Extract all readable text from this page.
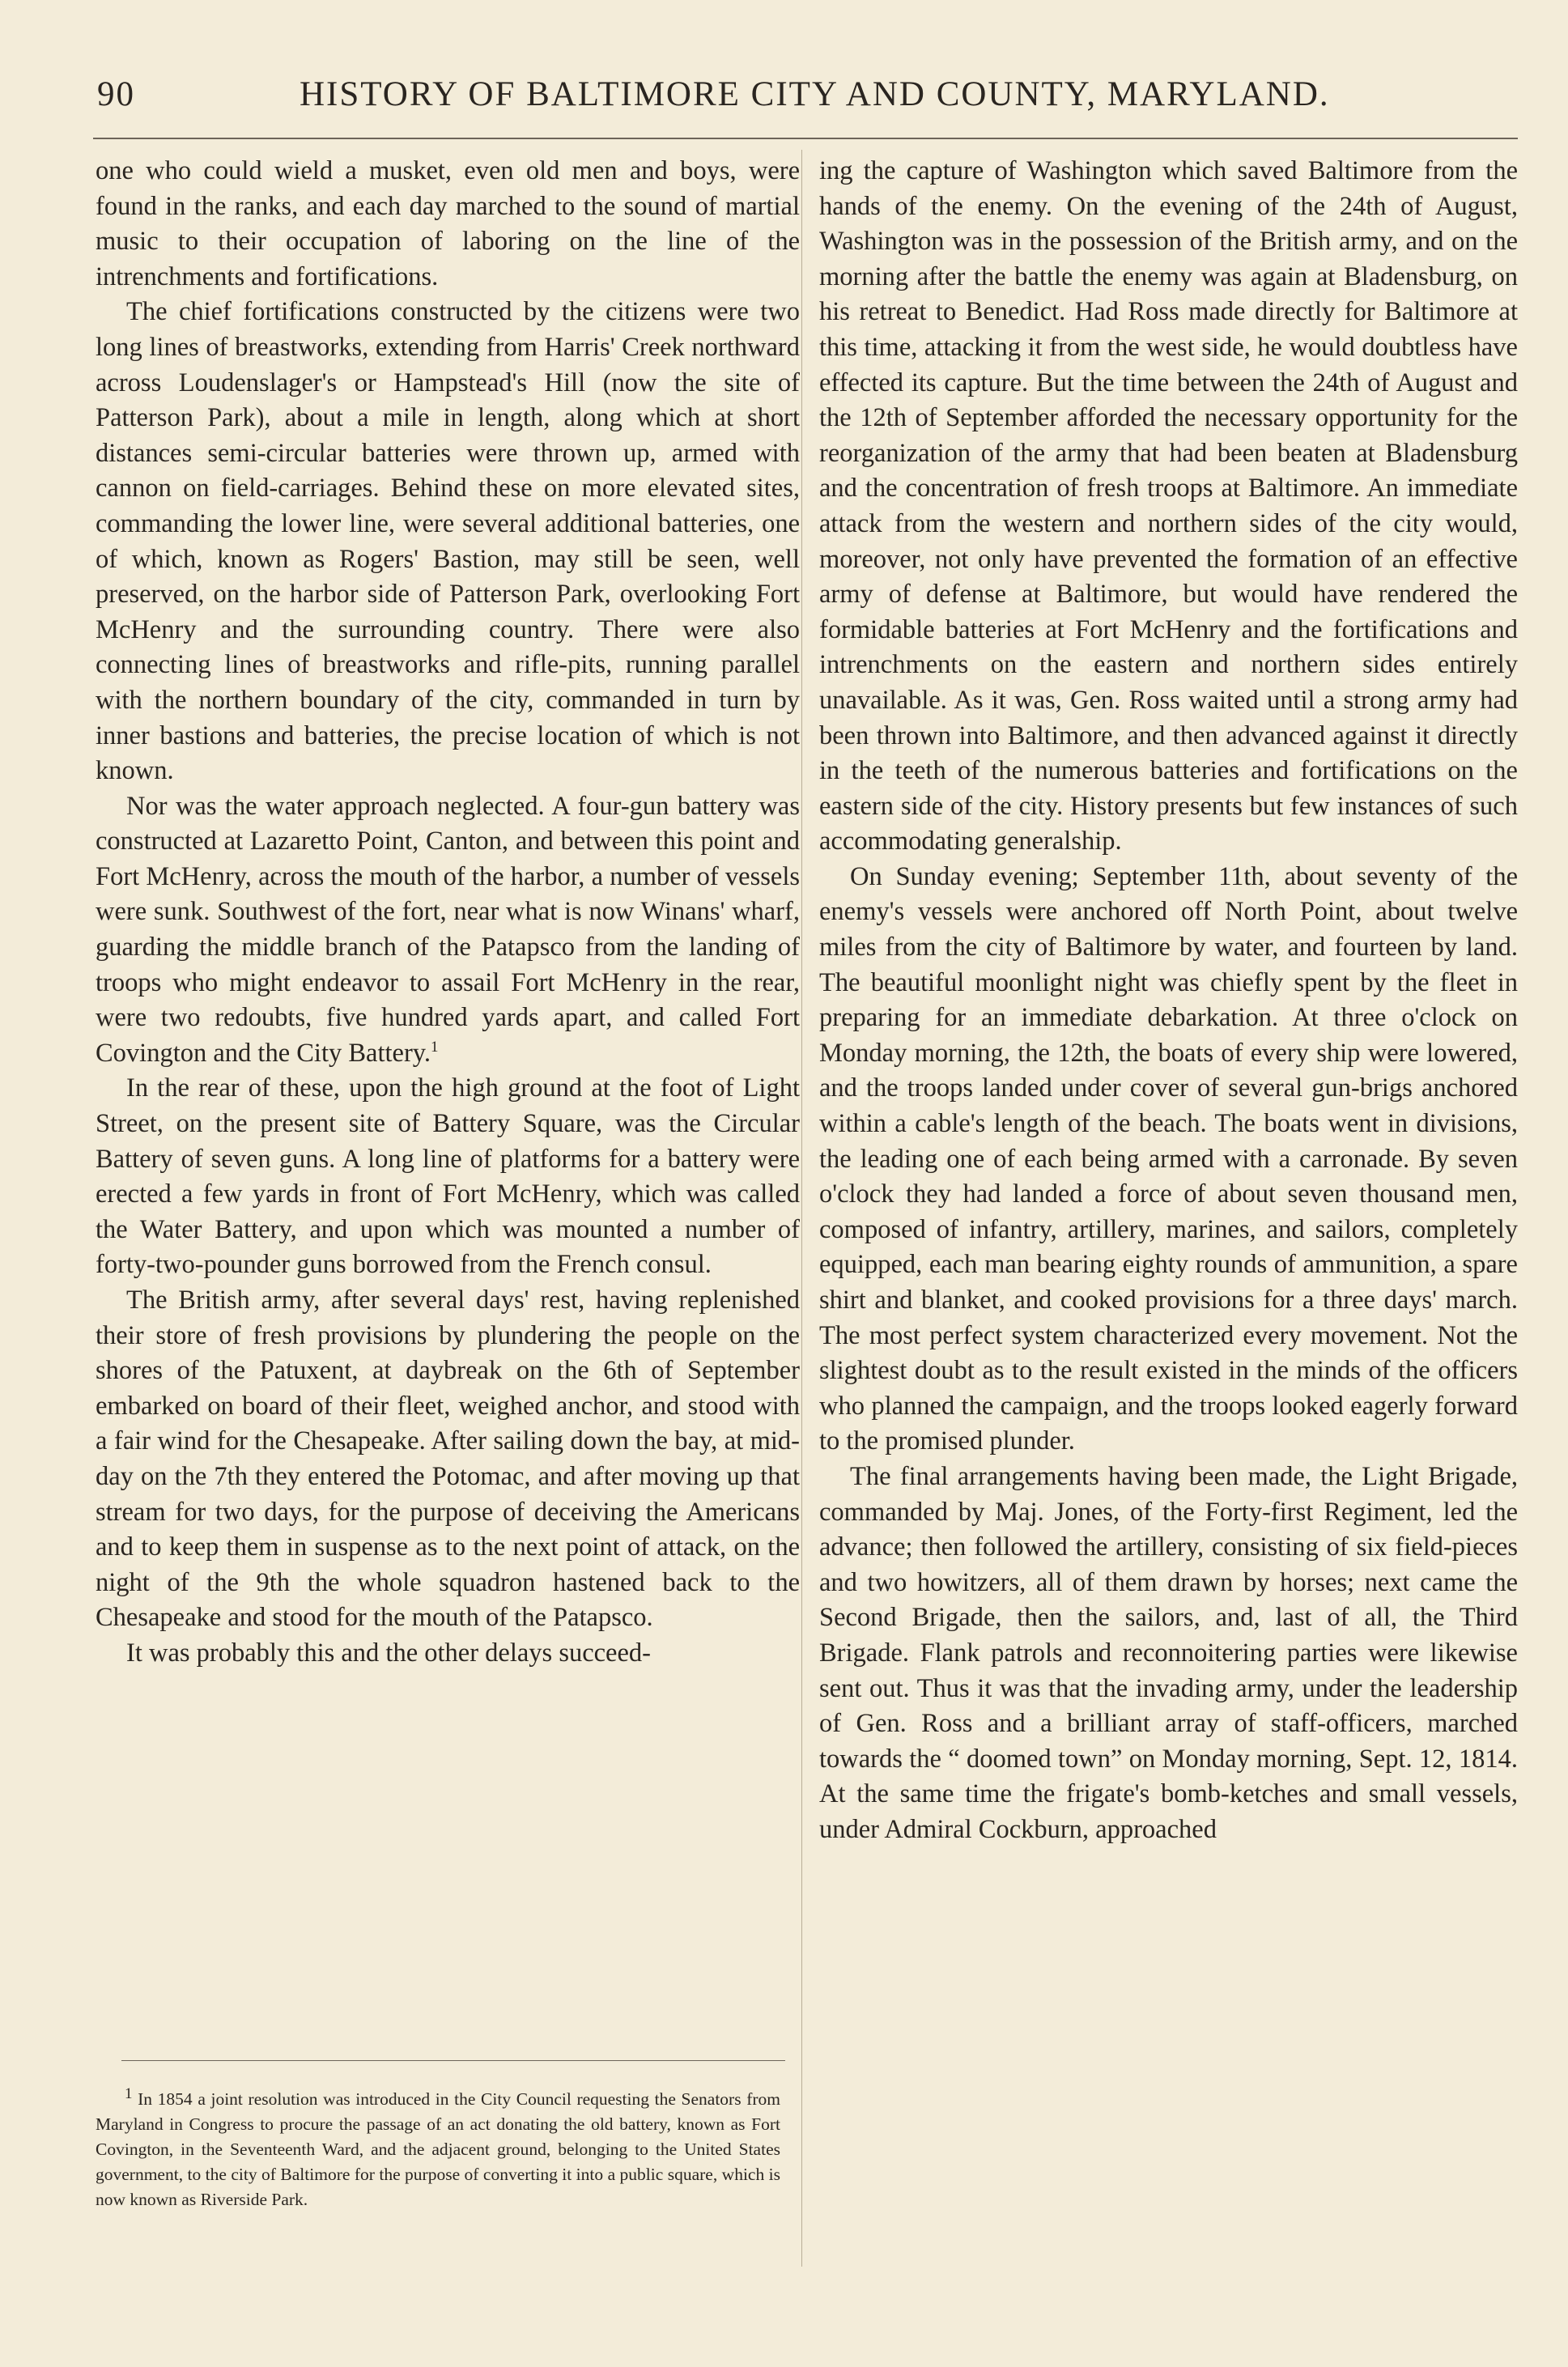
90	HISTORY OF BALTIMORE CITY AND COUNTY, MARYLAND.

one who could wield a musket, even old men and boys, were found in the ranks, and each day marched to the sound of martial music to their occupation of laboring on the line of the intrenchments and fortifications.

The chief fortifications constructed by the citizens were two long lines of breastworks, extending from Harris' Creek northward across Loudenslager's or Hampstead's Hill (now the site of Patterson Park), about a mile in length, along which at short distances semi-circular batteries were thrown up, armed with cannon on field-carriages. Behind these on more elevated sites, commanding the lower line, were several additional batteries, one of which, known as Rogers' Bastion, may still be seen, well preserved, on the harbor side of Patterson Park, overlooking Fort McHenry and the surrounding country. There were also connecting lines of breastworks and rifle-pits, running parallel with the northern boundary of the city, commanded in turn by inner bastions and batteries, the precise location of which is not known.

Nor was the water approach neglected. A four-gun battery was constructed at Lazaretto Point, Canton, and between this point and Fort McHenry, across the mouth of the harbor, a number of vessels were sunk. Southwest of the fort, near what is now Winans' wharf, guarding the middle branch of the Patapsco from the landing of troops who might endeavor to assail Fort McHenry in the rear, were two redoubts, five hundred yards apart, and called Fort Covington and the City Battery.$^1$

In the rear of these, upon the high ground at the foot of Light Street, on the present site of Battery Square, was the Circular Battery of seven guns. A long line of platforms for a battery were erected a few yards in front of Fort McHenry, which was called the Water Battery, and upon which was mounted a number of forty-two-pounder guns borrowed from the French consul.

The British army, after several days' rest, having replenished their store of fresh provisions by plundering the people on the shores of the Patuxent, at daybreak on the 6th of September embarked on board of their fleet, weighed anchor, and stood with a fair wind for the Chesapeake. After sailing down the bay, at mid-day on the 7th they entered the Potomac, and after moving up that stream for two days, for the purpose of deceiving the Americans and to keep them in suspense as to the next point of attack, on the night of the 9th the whole squadron hastened back to the Chesapeake and stood for the mouth of the Patapsco.

It was probably this and the other delays succeed-

ing the capture of Washington which saved Baltimore from the hands of the enemy. On the evening of the 24th of August, Washington was in the possession of the British army, and on the morning after the battle the enemy was again at Bladensburg, on his retreat to Benedict. Had Ross made directly for Baltimore at this time, attacking it from the west side, he would doubtless have effected its capture. But the time between the 24th of August and the 12th of September afforded the necessary opportunity for the reorganization of the army that had been beaten at Bladensburg and the concentration of fresh troops at Baltimore. An immediate attack from the western and northern sides of the city would, moreover, not only have prevented the formation of an effective army of defense at Baltimore, but would have rendered the formidable batteries at Fort McHenry and the fortifications and intrenchments on the eastern and northern sides entirely unavailable. As it was, Gen. Ross waited until a strong army had been thrown into Baltimore, and then advanced against it directly in the teeth of the numerous batteries and fortifications on the eastern side of the city. History presents but few instances of such accommodating generalship.

On Sunday evening; September 11th, about seventy of the enemy's vessels were anchored off North Point, about twelve miles from the city of Baltimore by water, and fourteen by land. The beautiful moonlight night was chiefly spent by the fleet in preparing for an immediate debarkation. At three o'clock on Monday morning, the 12th, the boats of every ship were lowered, and the troops landed under cover of several gun-brigs anchored within a cable's length of the beach. The boats went in divisions, the leading one of each being armed with a carronade. By seven o'clock they had landed a force of about seven thousand men, composed of infantry, artillery, marines, and sailors, completely equipped, each man bearing eighty rounds of ammunition, a spare shirt and blanket, and cooked provisions for a three days' march. The most perfect system characterized every movement. Not the slightest doubt as to the result existed in the minds of the officers who planned the campaign, and the troops looked eagerly forward to the promised plunder.

The final arrangements having been made, the Light Brigade, commanded by Maj. Jones, of the Forty-first Regiment, led the advance; then followed the artillery, consisting of six field-pieces and two howitzers, all of them drawn by horses; next came the Second Brigade, then the sailors, and, last of all, the Third Brigade. Flank patrols and reconnoitering parties were likewise sent out. Thus it was that the invading army, under the leadership of Gen. Ross and a brilliant array of staff-officers, marched towards the “ doomed town” on Monday morning, Sept. 12, 1814. At the same time the frigate's bomb-ketches and small vessels, under Admiral Cockburn, approached

$^1$ In 1854 a joint resolution was introduced in the City Council requesting the Senators from Maryland in Congress to procure the passage of an act donating the old battery, known as Fort Covington, in the Seventeenth Ward, and the adjacent ground, belonging to the United States government, to the city of Baltimore for the purpose of converting it into a public square, which is now known as Riverside Park.
